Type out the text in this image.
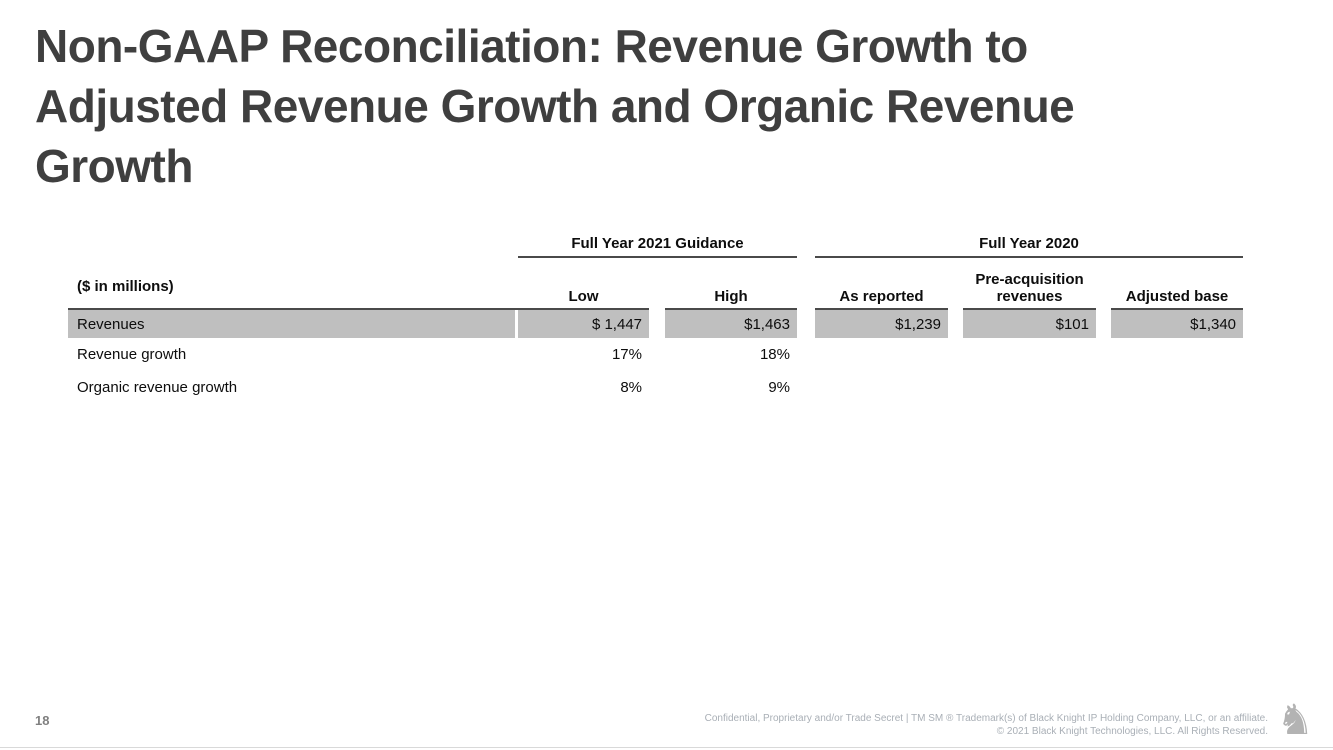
Non-GAAP Reconciliation: Revenue Growth to
Adjusted Revenue Growth and Organic Revenue
Growth
		Full Year 2021 Guidance				Full Year 2020				
($ in millions)		Low		High		As reported		Pre-acquisition revenues		Adjusted base
Revenues		$ 1,447		$1,463		$1,239		$101		$1,340
Revenue growth		17%		18%						
Organic revenue growth		8%		9%						
18	Confidential, Proprietary and/or Trade Secret | TM SM ® Trademark(s) of Black Knight IP Holding Company, LLC, or an affiliate.
© 2021 Black Knight Technologies, LLC. All Rights Reserved. ♞
